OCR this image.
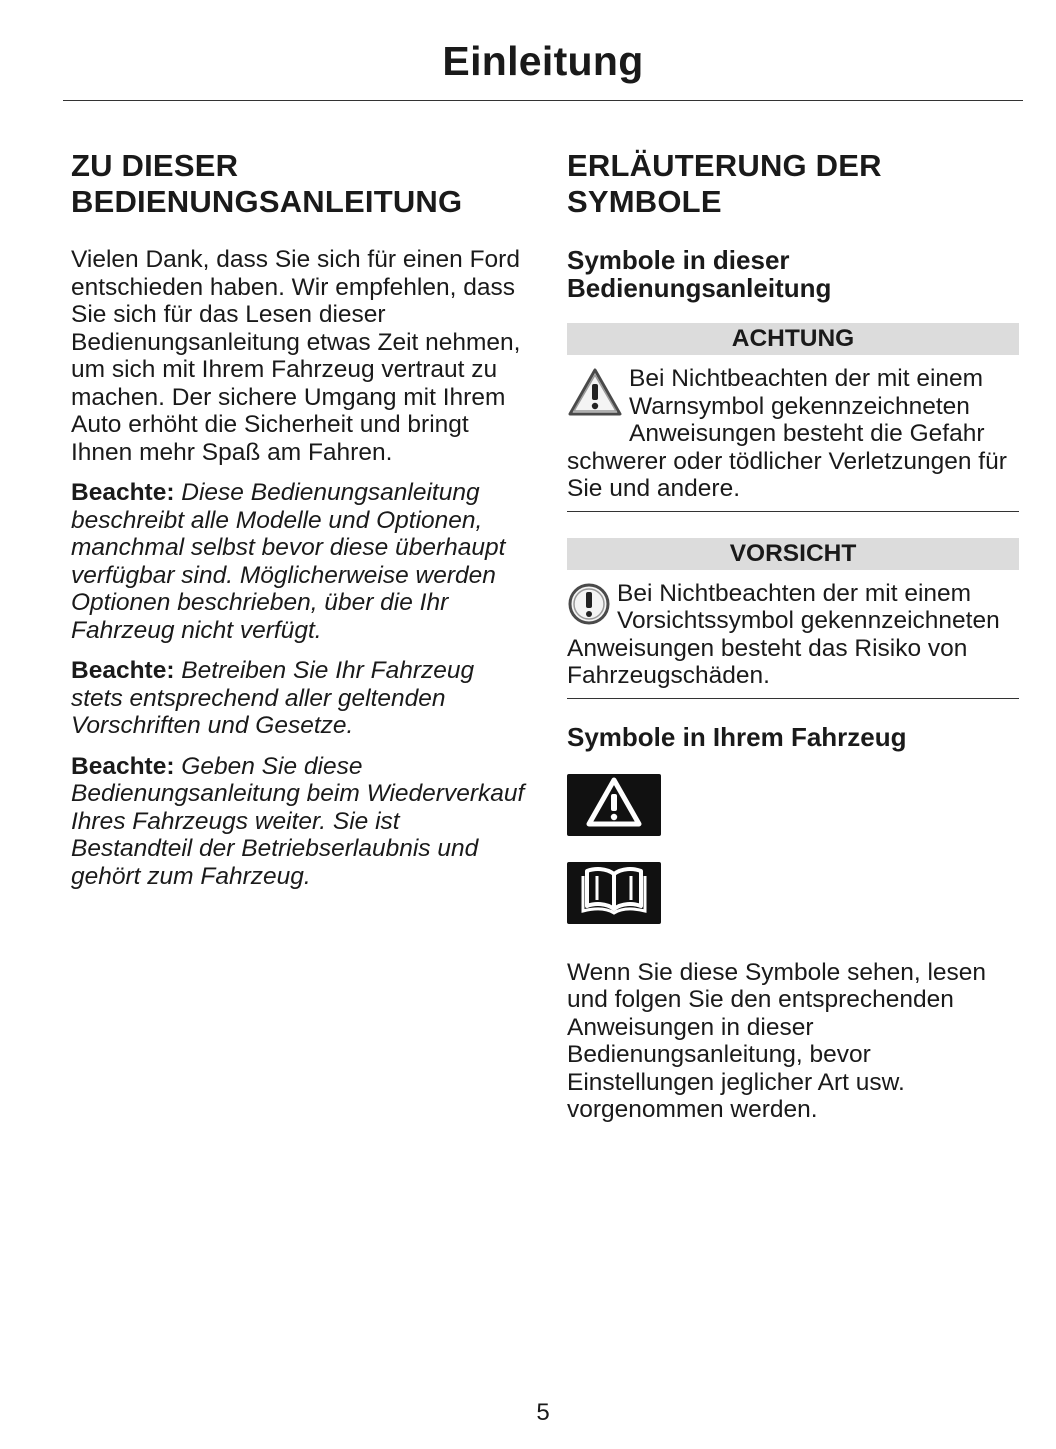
Einleitung
ZU DIESER
BEDIENUNGSANLEITUNG

Vielen Dank, dass Sie sich für einen Ford entschieden haben. Wir empfehlen, dass Sie sich für das Lesen dieser Bedienungsanleitung etwas Zeit nehmen, um sich mit Ihrem Fahrzeug vertraut zu machen. Der sichere Umgang mit Ihrem Auto erhöht die Sicherheit und bringt Ihnen mehr Spaß am Fahren.

Beachte: Diese Bedienungsanleitung beschreibt alle Modelle und Optionen, manchmal selbst bevor diese überhaupt verfügbar sind. Möglicherweise werden Optionen beschrieben, über die Ihr Fahrzeug nicht verfügt.

Beachte: Betreiben Sie Ihr Fahrzeug stets entsprechend aller geltenden Vorschriften und Gesetze.

Beachte: Geben Sie diese Bedienungsanleitung beim Wiederverkauf Ihres Fahrzeugs weiter. Sie ist Bestandteil der Betriebserlaubnis und gehört zum Fahrzeug.

ERLÄUTERUNG DER
SYMBOLE
Symbole in dieser
Bedienungsanleitung
ACHTUNG

Bei Nichtbeachten der mit einem Warnsymbol gekennzeichneten Anweisungen besteht die Gefahr schwerer oder tödlicher Verletzungen für Sie und andere.

VORSICHT

Bei Nichtbeachten der mit einem Vorsichtssymbol gekennzeichneten Anweisungen besteht das Risiko von Fahrzeugschäden.

Symbole in Ihrem Fahrzeug

Wenn Sie diese Symbole sehen, lesen und folgen Sie den entsprechenden Anweisungen in dieser Bedienungsanleitung, bevor Einstellungen jeglicher Art usw. vorgenommen werden.

5
